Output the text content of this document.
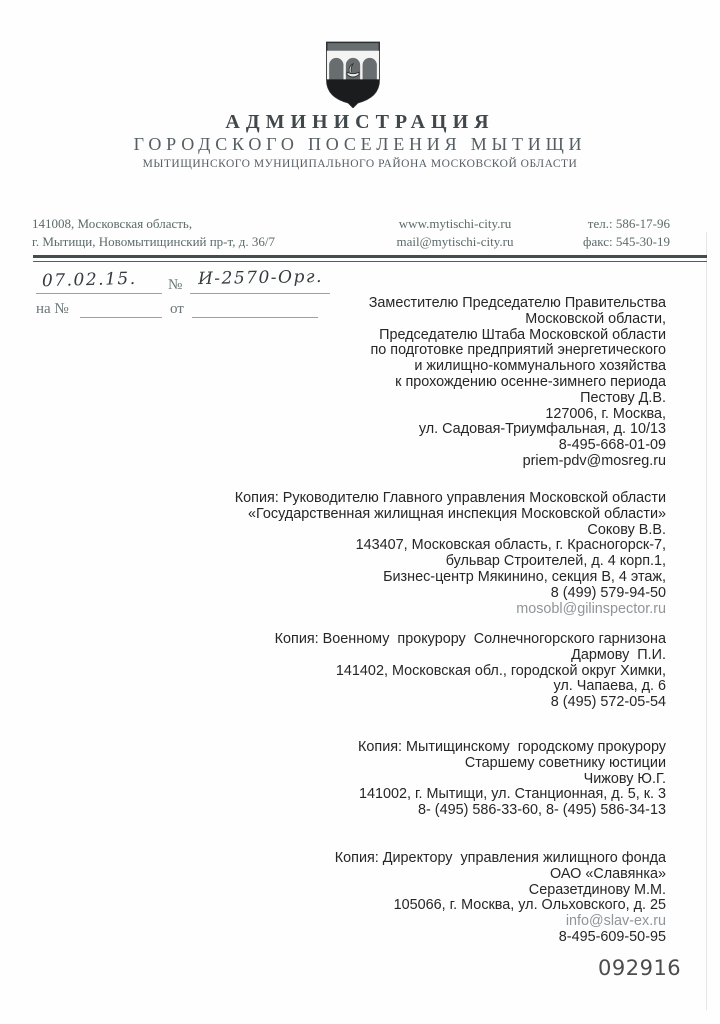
АДМИНИСТРАЦИЯ
ГОРОДСКОГО ПОСЕЛЕНИЯ МЫТИЩИ
МЫТИЩИНСКОГО МУНИЦИПАЛЬНОГО РАЙОНА МОСКОВСКОЙ ОБЛАСТИ
141008, Московская область,
г. Мытищи, Новомытищинский пр-т, д. 36/7
www.mytischi-city.ru
mail@mytischi-city.ru
тел.: 586-17-96
факс: 545-30-19
07.02.15. № И-2570-Орг.
на №	от	Заместителю Председателю Правительства
Московской области,
Председателю Штаба Московской области
по подготовке предприятий энергетического
и жилищно-коммунального хозяйства
к прохождению осенне-зимнего периода
Пестову Д.В.
127006, г. Москва,
ул. Садовая-Триумфальная, д. 10/13
8-495-668-01-09
priem-pdv@mosreg.ru
Копия: Руководителю Главного управления Московской области
«Государственная жилищная инспекция Московской области»
Сокову В.В.
143407, Московская область, г. Красногорск-7,
бульвар Строителей, д. 4 корп.1,
Бизнес-центр Мякинино, секция В, 4 этаж,
8 (499) 579-94-50
mosobl@gilinspector.ru
Копия: Военному  прокурору  Солнечногорского гарнизона
Дармову  П.И.
141402, Московская обл., городской округ Химки,
ул. Чапаева, д. 6
8 (495) 572-05-54
Копия: Мытищинскому  городскому прокурору
Старшему советнику юстиции
Чижову Ю.Г.
141002, г. Мытищи, ул. Станционная, д. 5, к. 3
8- (495) 586-33-60, 8- (495) 586-34-13
Копия: Директору  управления жилищного фонда
ОАО «Славянка»
Серазетдинову М.М.
105066, г. Москва, ул. Ольховского, д. 25
info@slav-ex.ru
8-495-609-50-95
092916
